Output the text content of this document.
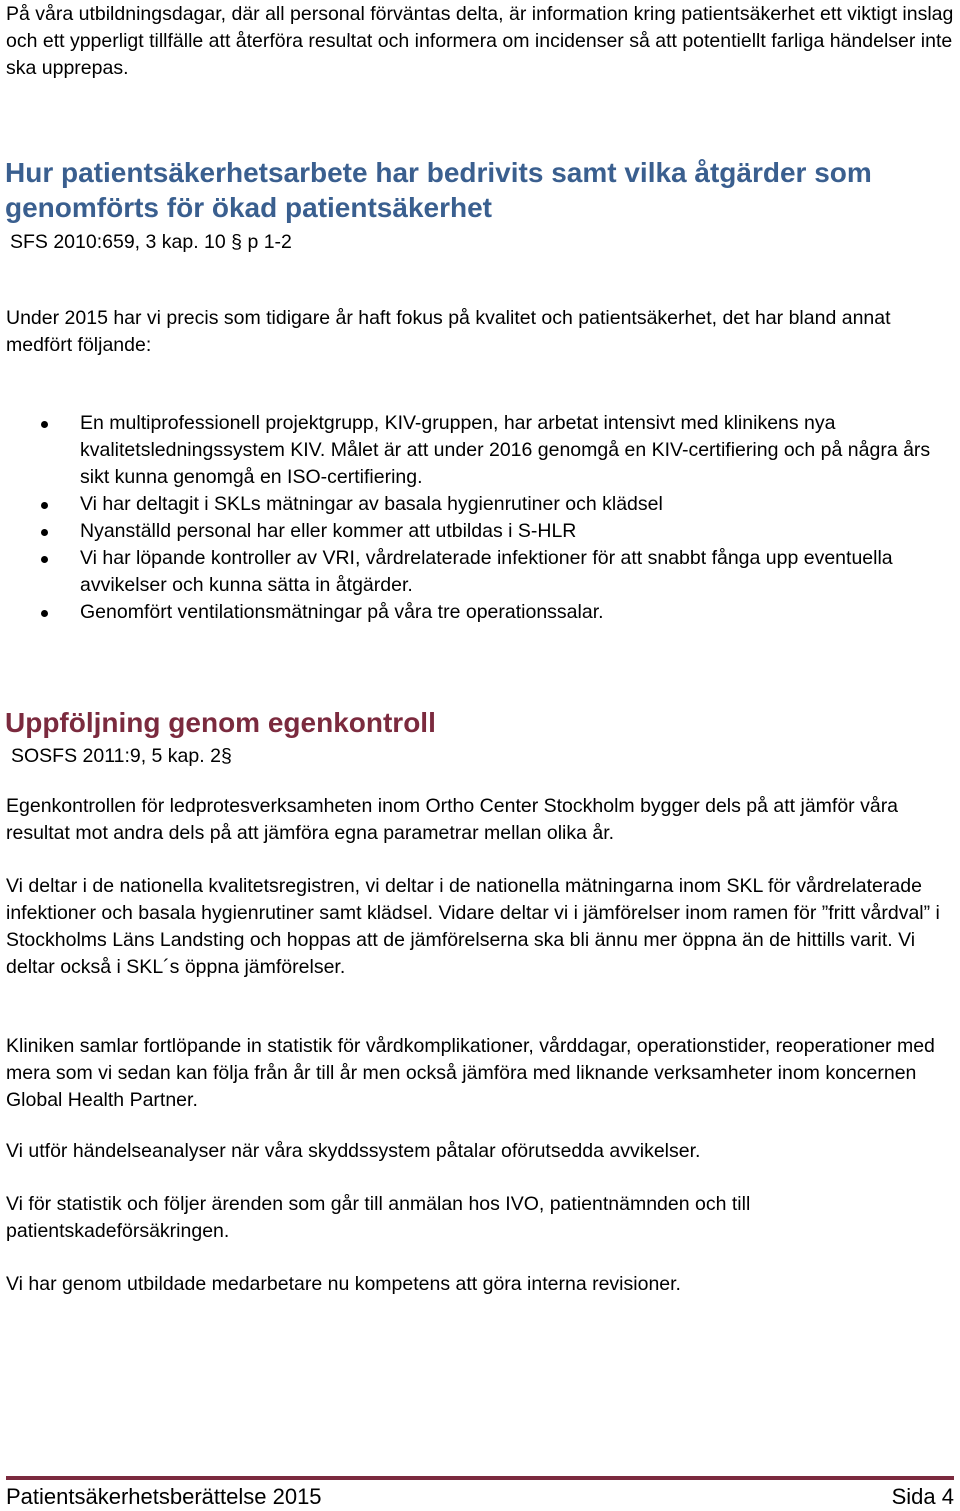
På våra utbildningsdagar, där all personal förväntas delta, är information kring patientsäkerhet ett viktigt inslag och ett ypperligt tillfälle att återföra resultat och informera om incidenser så att potentiellt farliga händelser inte ska upprepas.

Hur patientsäkerhetsarbete har bedrivits samt vilka åtgärder som genomförts för ökad patientsäkerhet

SFS 2010:659, 3 kap. 10 § p 1-2

Under 2015 har vi precis som tidigare år haft fokus på kvalitet och patientsäkerhet, det har bland annat medfört följande:

En multiprofessionell projektgrupp, KIV-gruppen, har arbetat intensivt med klinikens nya kvalitetsledningssystem KIV. Målet är att under 2016 genomgå en KIV-certifiering och på några års sikt kunna genomgå en ISO-certifiering.
Vi har deltagit i SKLs mätningar av basala hygienrutiner och klädsel
Nyanställd personal har eller kommer att utbildas i S-HLR
Vi har löpande kontroller av VRI, vårdrelaterade infektioner för att snabbt fånga upp eventuella avvikelser och kunna sätta in åtgärder.
Genomfört ventilationsmätningar på våra tre operationssalar.
Uppföljning genom egenkontroll

SOSFS 2011:9, 5 kap. 2§

Egenkontrollen för ledprotesverksamheten inom Ortho Center Stockholm bygger dels på att jämför våra resultat mot andra dels på att jämföra egna parametrar mellan olika år.

Vi deltar i de nationella kvalitetsregistren, vi deltar i de nationella mätningarna inom SKL för vårdrelaterade infektioner och basala hygienrutiner samt klädsel. Vidare deltar vi i jämförelser inom ramen för ”fritt vårdval” i Stockholms Läns Landsting och hoppas att de jämförelserna ska bli ännu mer öppna än de hittills varit. Vi deltar också i SKL´s öppna jämförelser.

Kliniken samlar fortlöpande in statistik för vårdkomplikationer, vårddagar, operationstider, reoperationer med mera som vi sedan kan följa från år till år men också jämföra med liknande verksamheter inom koncernen Global Health Partner.

Vi utför händelseanalyser när våra skyddssystem påtalar oförutsedda avvikelser.

Vi för statistik och följer ärenden som går till anmälan hos IVO, patientnämnden och till patientskadeförsäkringen.

Vi har genom utbildade medarbetare nu kompetens att göra interna revisioner.

Patientsäkerhetsberättelse 2015	Sida 4
